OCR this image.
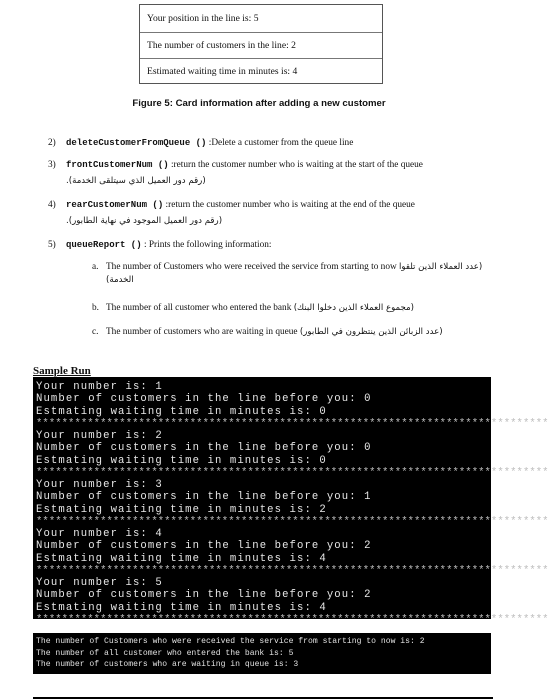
Your position in the line is: 5
The number of customers in the line: 2
Estimated waiting time in minutes is: 4
Figure 5: Card information after adding a new customer
2) deleteCustomerFromQueue () :Delete a customer from the queue line
3) frontCustomerNum () :return the customer number who is waiting at the start of the queue
(رقم دور العميل الذي سيتلقى الخدمة).
4) rearCustomerNum () :return the customer number who is waiting at the end of the queue
(رقم دور العميل الموجود في نهاية الطابور).
5) queueReport () : Prints the following information:
a. The number of Customers who were received the service from starting to now (عدد العملاء الذين تلقوا الخدمة)
b. The number of all customer who entered the bank (مجموع العملاء الذين دخلوا البنك)
c. The number of customers who are waiting in queue (عدد الزبائن الذين ينتظرون في الطابور)
Sample Run
Your number is: 1
Number of customers in the line before you: 0
Estmating waiting time in minutes is: 0
********************************************************************************
Your number is: 2
Number of customers in the line before you: 0
Estmating waiting time in minutes is: 0
********************************************************************************
Your number is: 3
Number of customers in the line before you: 1
Estmating waiting time in minutes is: 2
********************************************************************************
Your number is: 4
Number of customers in the line before you: 2
Estmating waiting time in minutes is: 4
********************************************************************************
Your number is: 5
Number of customers in the line before you: 2
Estmating waiting time in minutes is: 4
********************************************************************************
The number of Customers who were received the service from starting to now is: 2
The number of all customer who entered the bank is: 5
The number of customers who are waiting in queue is: 3
